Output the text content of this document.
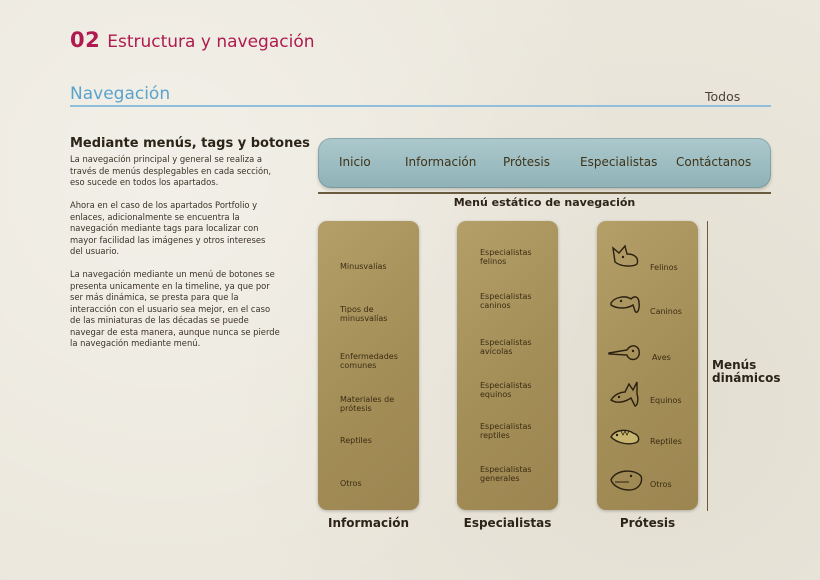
02 Estructura y navegación
Navegación	Todos
Mediante menús, tags y botones

La navegación principal y general se realiza a través de menús desplegables en cada sección, eso sucede en todos los apartados.

Ahora en el caso de los apartados Portfolio y enlaces, adicionalmente se encuentra la navegación mediante tags para localizar con mayor facilidad las imágenes y otros intereses del usuario.

La navegación mediante un menú de botones se presenta unicamente en la timeline, ya que por ser más dinámica, se presta para que la interacción con el usuario sea mejor, en el caso de las miniaturas de las décadas se puede navegar de esta manera, aunque nunca se pierde la navegación mediante menú.

Inicio	Información Prótesis	Especialistas Contáctanos
Menú estático de navegación
Minusvalías
Tipos de minusvalías
Enfermedades comunes
Materiales de prótesis
Reptiles
Otros
Información
Especialistas felinos
Especialistas caninos
Especialistas avícolas
Especialistas equinos
Especialistas reptiles
Especialistas generales
Especialistas
Felinos
Caninos
Aves
Equinos
Reptiles
Otros
Prótesis
Menús dinámicos
